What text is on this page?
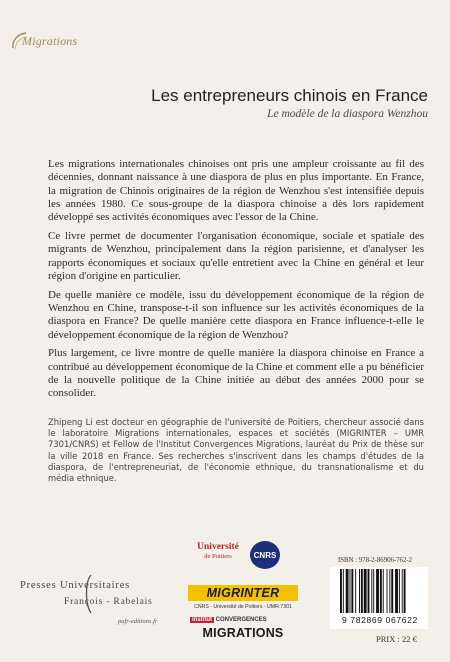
Migrations
Les entrepreneurs chinois en France
Le modèle de la diaspora Wenzhou

Les migrations internationales chinoises ont pris une ampleur croissante au fil des décennies, donnant naissance à une diaspora de plus en plus importante. En France, la migration de Chinois originaires de la région de Wenzhou s'est intensifiée depuis les années 1980. Ce sous-groupe de la diaspora chinoise a dès lors rapidement développé ses activités économiques avec l'essor de la Chine.

Ce livre permet de documenter l'organisation économique, sociale et spatiale des migrants de Wenzhou, principalement dans la région parisienne, et d'analyser les rapports économiques et sociaux qu'elle entretient avec la Chine en général et leur région d'origine en particulier.

De quelle manière ce modèle, issu du développement économique de la région de Wenzhou en Chine, transpose-t-il son influence sur les activités économiques de la diaspora en France? De quelle manière cette diaspora en France influence-t-elle le développement économique de la région de Wenzhou?

Plus largement, ce livre montre de quelle manière la diaspora chinoise en France a contribué au développement économique de la Chine et comment elle a pu bénéficier de la nouvelle politique de la Chine initiée au début des années 2000 pour se consolider.

Zhipeng Li est docteur en géographie de l'université de Poitiers, chercheur associé dans le laboratoire Migrations internationales, espaces et sociétés (MIGRINTER – UMR 7301/CNRS) et Fellow de l'Institut Convergences Migrations, lauréat du Prix de thèse sur la ville 2018 en France. Ses recherches s'inscrivent dans les champs d'études de la diaspora, de l'entrepreneuriat, de l'économie ethnique, du transnationalisme et du média ethnique.

Presses Universitaires
François - Rabelais
pufr-editions.fr
Université
de Poitiers	CNRS
MIGRINTER
CNRS · Université de Poitiers · UMR 7301
institut CONVERGENCES
MIGRATIONS
ISBN : 978-2-86906-762-2
9 782869 067622
PRIX : 22 €
